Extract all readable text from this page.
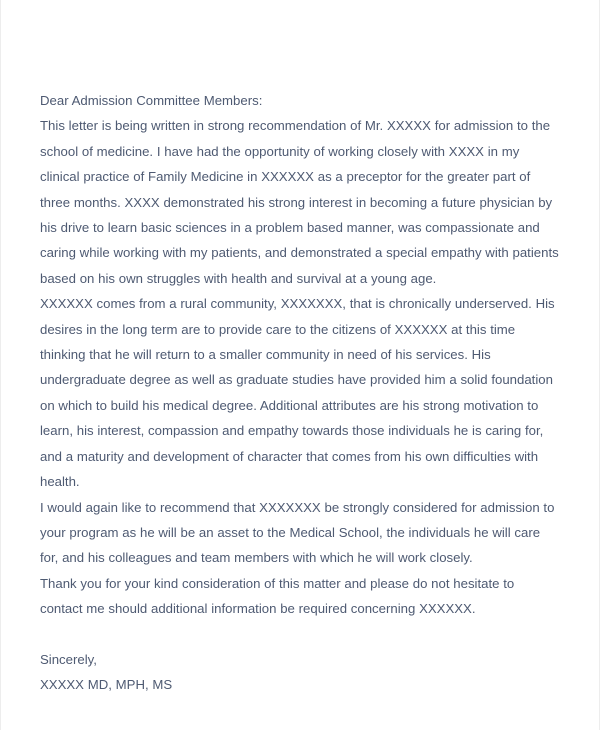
Dear Admission Committee Members:

This letter is being written in strong recommendation of Mr. XXXXX for admission to the school of medicine. I have had the opportunity of working closely with XXXX in my clinical practice of Family Medicine in XXXXXX as a preceptor for the greater part of three months. XXXX demonstrated his strong interest in becoming a future physician by his drive to learn basic sciences in a problem based manner, was compassionate and caring while working with my patients, and demonstrated a special empathy with patients based on his own struggles with health and survival at a young age.

XXXXXX comes from a rural community, XXXXXXX, that is chronically underserved. His desires in the long term are to provide care to the citizens of XXXXXX at this time thinking that he will return to a smaller community in need of his services. His undergraduate degree as well as graduate studies have provided him a solid foundation on which to build his medical degree. Additional attributes are his strong motivation to learn, his interest, compassion and empathy towards those individuals he is caring for, and a maturity and development of character that comes from his own difficulties with health.

I would again like to recommend that XXXXXXX be strongly considered for admission to your program as he will be an asset to the Medical School, the individuals he will care for, and his colleagues and team members with which he will work closely.

Thank you for your kind consideration of this matter and please do not hesitate to contact me should additional information be required concerning XXXXXX.

Sincerely,

XXXXX MD, MPH, MS
